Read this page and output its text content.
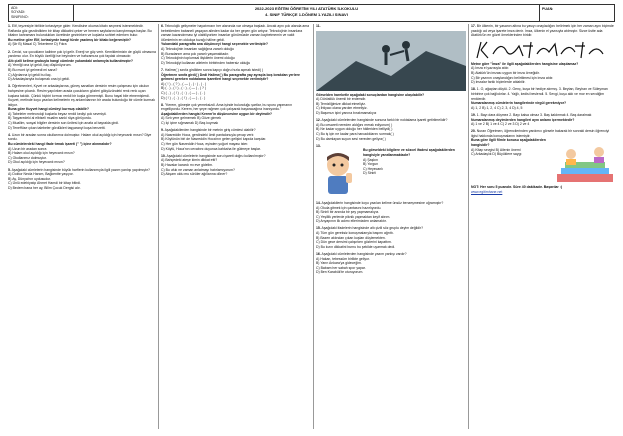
ADI:
SOYADI:
SINIFI/NO:
2022-2023 EĞİTİM ÖĞRETİM YILI ATATÜRK İLKOKULU
4. SINIF TÜRKÇE 1.DÖNEM 1.YAZILI SINAVI
PUAN:

1. Elif, teyzesiyle birlikte kırtasiyeye gider. Kendisine okuma kitabı seçmesi istenmektedir. Raflarda göz gezdirdikten bir kitap dikkatini çeker ve hemen sayfalarını karıştırmaya başlar. Bu kitabın kahramanı bulundukları ücretinde gezinirken ve kuşlarla sohbet ederken bulur.

Bu metine göre Elif, kırtasiyede hangi türde yazılmış bir kitabı beğenmiştir?

A) Şiir B) Masal C) Tekerleme D) Fıkra

2. Cevizi, sız çocukların kalbine çok iyi gelir. Enerji ve güç verir. Kemiklerimizin de güçlü olmasına yardımcı olur. En büyük özelliği ise beyinden ve hafızamıza çok faydalı olmasıdır.

Altı çizili kelime grubuyla hangi cümlede yukarıdaki anlamıyla kullanılmıştır?

A) Yemiği ona iyi geldi, ilaç düşünüyorum.

B) Bu mont iyi gelmedi mi sana?

C) Ağrılarına iyi geldi bu ilaç.

D) Arkadaşlarıyla buluşmak ona iyi geldi.

3. Öğretmenleri, Kyvet ve arkadaşlarına, güneş sanatları dersinin resim çalışması için okulun bahçesine çıkardı. Resim yapılırken arada çocukların gözleri gökyüzündeki renk renk uçan kuşlara takıldı. Çünkü hiçbiri kırmızı renkli bir kuşla görmemişti. Bunu hayal bile etmemişlerdi. Kuyvet, metinde koyu yazılan kelimelerin eş anlamlılarının bir arada bulunduğu bir cümle kurmak istiyor.

Buna göre Kuyvet hangi cümleyi kurmuş olabilir?

A) Tabeleler meteoroloji kuşlarla beyaz renkli kediyi çok sevmişti.

B) Taşyaredeki al elbiseli mualim sanki rüya görüyordu.

C) Muallim, sosyal bilgiler dersinin son ünitesi için anafa al bayrakla girdi.

D) Teneffüse çıkan talebeler gördükleri taşyaranyi kuşa benzetti.

4. Uzun bir aradan sonra okullarımız dolmuştur. Halam okul açıldığı için heyecanlı mısın? Diye sordu.

Bu cümlelerdeki hangi ifade tırnak işareti (" ") içine alınmalıdır?

A) Uzun bir aradan sonra

B) Halam okul açıldığı için heyecanlı mısın?

C) Okullarımız dolmuştur.

D) Okul açıldığı için heyecanlı mısın?

5. Aşağıdaki cümlelerin hangisinde büyük harflerin kullanımıyla ilgili yazım yanlışı yapılmıştır?

A) Doktor Necla Hanım, Bağkentte yaşıyor.

B) Ay, Dünya'nın uydusudur.

C) Ünlü edebiyatçı Ahmet Hamdi bir kitap bitirdi.

D) Bedem bana her ay, Bilim Çocuk Dergisi alır.

6. Teknolojik gelişmeler hayatımızın her alanında var olmaya başladı. Ancak aynı çok alanda ama bebeklerden babaneli yaşayan aileden kadar da her geçen gün artıyor. Teknolojinin insanlara zaman kazandırması iyi olabiliyorken insanlar günümüzde zaman kaybetmemin ve vakit ölümlerinin en oldukça tuzağı hâline geldi.

Yukarıdaki paragrafta ana düşünceyi hangi seçenekte verilmiştir?

A) Teknolojinin insanları sağlığına zararlı olduğu

B) Buradanım ama çok yararlı yaşamaktadır.

C) Teknolojinin toplumsal ilişkilerin önemi olduğu

D) Teknolojiyi kullanan ailelerin birbirinden habersiz olduğu

7. Halime( ) sınıfa girdikten sonra kapıyı doğru hızla açmak istedi( )

Öğretmen sınıfa girdi( ) Dedi Halime( ) Bu paragrafta yay ayraçla boş bırakılan yerlere gelmesi gereken noktalama işaretleri hangi seçenekte verilmiştir?

A) ( ! ) , ( ? ) , ( — ) , ( : ) , ( . )

B) ( . ) , ( ! ) , ( : ) , ( — ) , ( ? )

C) ( , ) , ( ! ) , ( : ) , ( — ) , ( . )

D) ( ! ) , ( . ) , ( ! ) , ( — ) , ( . )

8. "Kerem, güneşte çok yemeksizdi. Ama işinde bulunduğu şartlar, bu sporu yapmanın engelliyordu. Kerem, her şeye rağmen çok çalışarak başaracağına inanıyordu."

Aşağıdakilerden hangisi Kerem'in düşüncesine uygun bir deyimdir?

A) Sırtı yere gelmemek B) Göze girmek

C) İçi içine sığmamak D) Baş koymak

9. Aşağıdakilerden hangisinde bir metnin giriş cümlesi olabilir?

A) Nasreddin Hoca, gerdindeki ümit pantalonuyla çevap verir.

B) Köylünün biri de Nasreddin Hoca'nın gelen gelişini kapıda karşılar.

C) Her gün Nasreddin Hoca, eşinden yoğurt mayası ister.

D) Köylü, Hoca'nın cevabını duyunca kahkaha ile gülmeye başlar.

10. Aşağıdaki cümlelerin hangisinde soru işareti doğru kullanılmıştır?

A) Bahçedeki ateşe kimin dikkat etti?

B) Havalar karardı mı eve gidelim.

C) Bu ufuk ne zaman anlatmayı hatırlamıyorum?

D) Akşam oldu mu sürüler ağıllarına döner?

11.

Görselden hareketle aşağıdaki sonuçlardan hangisine ulaşılabilir?

A) Dürüstlük önemli bir erdemdir.

B) Temizliğimize dikkat etmeliyiz.

C) İhtiyacı olana yardım etmeliyiz.

D) Başımızı işini yanına bırakmamalıyız

12. Aşağıdaki cümlelerden hangisinde sonuna farklı bir noktalama işareti getirilmelidir?

A) Bu cesareti nereden aldığını merak ediyorum( )

B) Ne kadar uygun olduğu her hâlleriden belliydi( )

C) Bu iş için ne kadar para harcadıklarını sormak( )

D) Bu damlayan suyun sesi nereden geliyor( )

13.

Bu görseldeki bilgilere ve sözcel ifadesi aşağıdakilerden hangisiyle yanıtlanmaktadır?

A) Şaşkın

B) Yorgun

C) Heyecanlı

D) Sinirli

14. Aşağıdakilerin hangisinde koyu yazılan kelime ünsüz benzeşmesine uğramıştır?

A) Okula gitmek için çantasını hazırlıyordu.

B) Sinirli bir anında bir şey yapmamalıyız.

C) Yeşillik yerlerde piknik yapmaktan keyif alırım.

D) Anyapının ilk adımı ellerimizden anlamaktır.

15. Aşağıdaki ifadelerin hangisinde altı çizili söz gruplu deyim değildir?

A) Tüm gün gereksiz konuşmalarıyla başımı ağrıttı.

B) Bazen aklından çıkan kuşları düşlemekten.

C) Dün gece dersimi çalışırken gözlerini kapattım.

D) Bu kızın dikkatini burnu bu şekilde uyarmak dedi.

16. Aşağıdaki cümlelerden hangisinde yazım yanlışı vardır?

A) Hakan, tebessüm birlikte geliyor.

B) Yarın Ankara'ya gideceğim.

C) Babam her sabah spor yapar.

D) Ben Karabük'te oturuyorum.

17. Bir ülkenin, bir yasanın altına bu yasıyı onayladığını belirtmek için her zaman aynı biçimde yazdığı ad veya işarete imza denir. İmza, ülkenin el yazısıyla atılmıştır. Sizce üstte ada Atatürk'ün en güzel örneklerinden biridir.

Metne göre "İmza" ile ilgili aşağıdakilerden hangisine ulaşılamaz?

A) İmza el yazısıyla atılır.

B) Atatürk'ün imzası uygun bir imza örneğidir.

C) Bir yazının onaylandığını belirtilmesi için imza atılır.

D) İmzalar farklı biçimlerde atılabilir.

18. 1. O, ağaçtan düştü. 2. Genç, kuşa bir hediye alırmış. 3. Beytan, Beyhan ve Süleyman birbirine çok bağlıdırlar. 4. Yağlı, kedisi beslendi. 5. Sevgi, kuşu aldı ve mor en sevdiğim renklerdir.

Numaralanmış cümlelerin hangilerinde virgül gerekmiyor?

A) 1, 2 B) 1, 2, 4 C) 2, 3, 4 D) 4, 5

19. 1. Bayı dara düşmez 2. Bayı kalsa olmaz 3. Baş kaldırmak 4. Baş daralmak

Numaralanmış deyimlerden hangileri aynı anlamı içermektedir?

A) 1 ve 2 B) 1 ve 4 C) 2 ve 3 D) 2 ve 4

20. Nuran Öğretmen, öğrencilerinden yardımcı görsele bakarak bir sonraki dersin öğrenciyi ilgisi hakkında konuşmalarını istemiştir.

Buna göre ilgili filmle konusu aşağıdakilerden hangisidir?

A) Kitap sevgisi B) Ailenin önemi

C) Arkadaşlık D) Büyüklere saygı

NOT: Her soru 5 puandır. Süre 40 dakikadır. Başarılar :)
www.egitimhane.net
